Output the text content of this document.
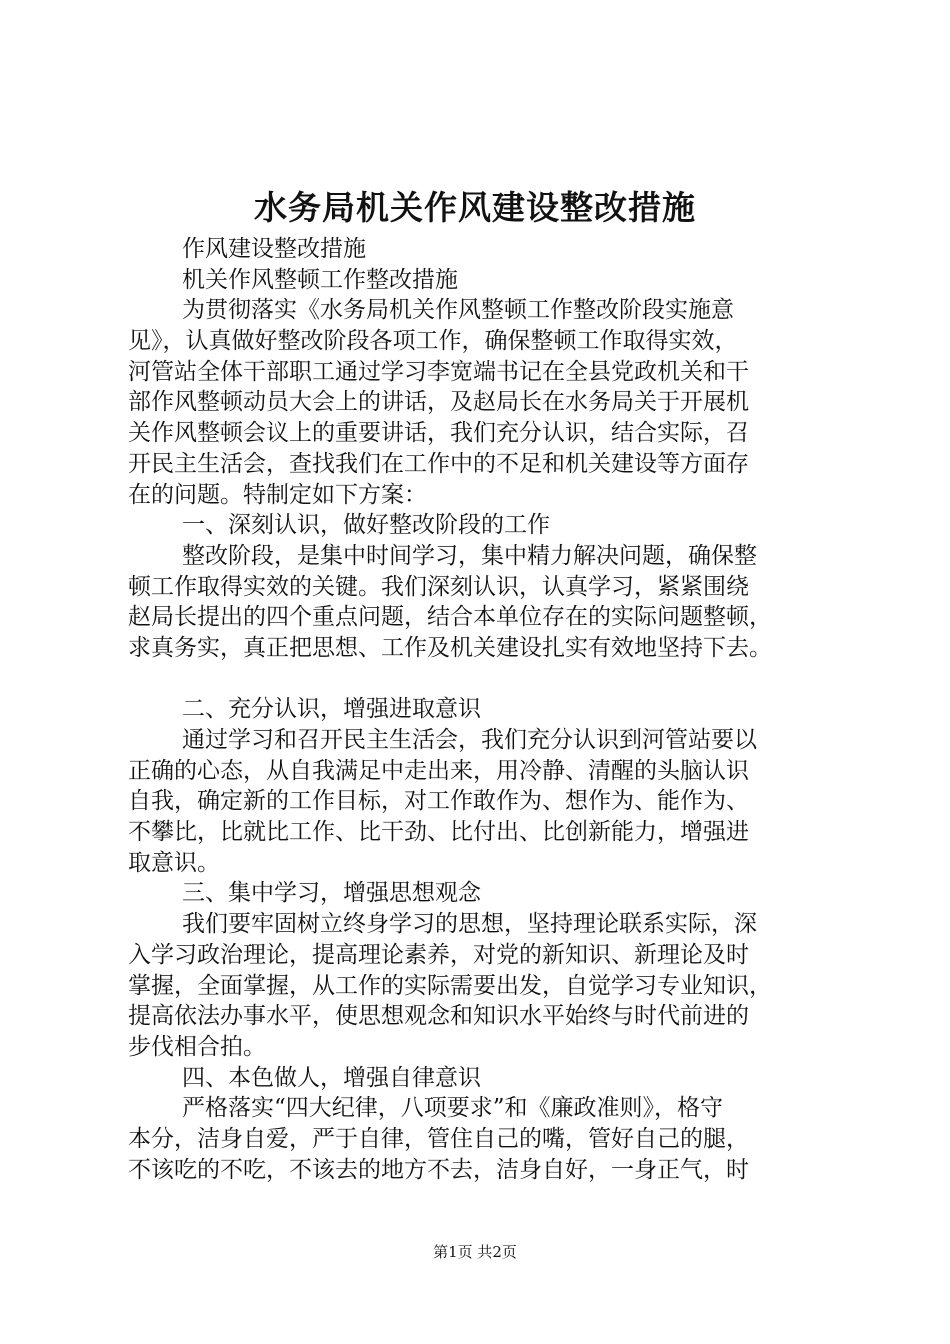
水务局机关作风建设整改措施
作风建设整改措施
机关作风整顿工作整改措施
为贯彻落实《水务局机关作风整顿工作整改阶段实施意
见》，认真做好整改阶段各项工作，确保整顿工作取得实效，
河管站全体干部职工通过学习李宽端书记在全县党政机关和干
部作风整顿动员大会上的讲话，及赵局长在水务局关于开展机
关作风整顿会议上的重要讲话，我们充分认识，结合实际，召
开民主生活会，查找我们在工作中的不足和机关建设等方面存
在的问题。特制定如下方案：
一、深刻认识，做好整改阶段的工作
整改阶段，是集中时间学习，集中精力解决问题，确保整
顿工作取得实效的关键。我们深刻认识，认真学习，紧紧围绕
赵局长提出的四个重点问题，结合本单位存在的实际问题整顿，
求真务实，真正把思想、工作及机关建设扎实有效地坚持下去。
二、充分认识，增强进取意识
通过学习和召开民主生活会，我们充分认识到河管站要以
正确的心态，从自我满足中走出来，用冷静、清醒的头脑认识
自我，确定新的工作目标，对工作敢作为、想作为、能作为、
不攀比，比就比工作、比干劲、比付出、比创新能力，增强进
取意识。
三、集中学习，增强思想观念
我们要牢固树立终身学习的思想，坚持理论联系实际，深
入学习政治理论，提高理论素养，对党的新知识、新理论及时
掌握，全面掌握，从工作的实际需要出发，自觉学习专业知识，
提高依法办事水平，使思想观念和知识水平始终与时代前进的
步伐相合拍。
四、本色做人，增强自律意识
严格落实“四大纪律，八项要求”和《廉政准则》，格守
本分，洁身自爱，严于自律，管住自己的嘴，管好自己的腿，
不该吃的不吃，不该去的地方不去，洁身自好，一身正气，时
第1页 共2页
